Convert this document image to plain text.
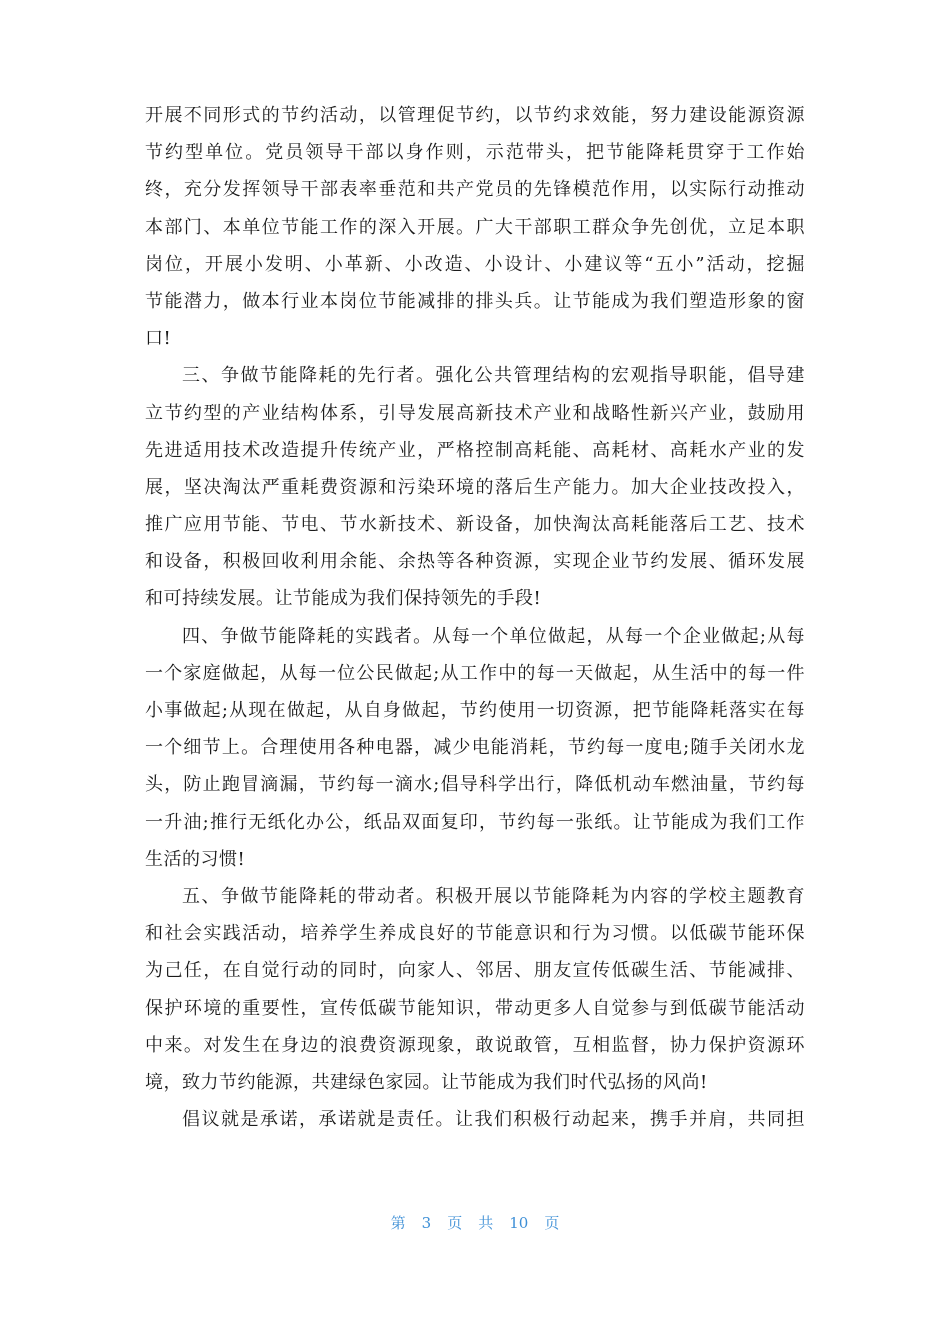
开展不同形式的节约活动，以管理促节约，以节约求效能，努力建设能源资源
节约型单位。党员领导干部以身作则，示范带头，把节能降耗贯穿于工作始
终，充分发挥领导干部表率垂范和共产党员的先锋模范作用，以实际行动推动
本部门、本单位节能工作的深入开展。广大干部职工群众争先创优，立足本职
岗位，开展小发明、小革新、小改造、小设计、小建议等“五小”活动，挖掘
节能潜力，做本行业本岗位节能减排的排头兵。让节能成为我们塑造形象的窗
口!
三、争做节能降耗的先行者。强化公共管理结构的宏观指导职能，倡导建
立节约型的产业结构体系，引导发展高新技术产业和战略性新兴产业，鼓励用
先进适用技术改造提升传统产业，严格控制高耗能、高耗材、高耗水产业的发
展，坚决淘汰严重耗费资源和污染环境的落后生产能力。加大企业技改投入，
推广应用节能、节电、节水新技术、新设备，加快淘汰高耗能落后工艺、技术
和设备，积极回收利用余能、余热等各种资源，实现企业节约发展、循环发展
和可持续发展。让节能成为我们保持领先的手段!
四、争做节能降耗的实践者。从每一个单位做起，从每一个企业做起;从每
一个家庭做起，从每一位公民做起;从工作中的每一天做起，从生活中的每一件
小事做起;从现在做起，从自身做起，节约使用一切资源，把节能降耗落实在每
一个细节上。合理使用各种电器，减少电能消耗，节约每一度电;随手关闭水龙
头，防止跑冒滴漏，节约每一滴水;倡导科学出行，降低机动车燃油量，节约每
一升油;推行无纸化办公，纸品双面复印，节约每一张纸。让节能成为我们工作
生活的习惯!
五、争做节能降耗的带动者。积极开展以节能降耗为内容的学校主题教育
和社会实践活动，培养学生养成良好的节能意识和行为习惯。以低碳节能环保
为己任，在自觉行动的同时，向家人、邻居、朋友宣传低碳生活、节能减排、
保护环境的重要性，宣传低碳节能知识，带动更多人自觉参与到低碳节能活动
中来。对发生在身边的浪费资源现象，敢说敢管，互相监督，协力保护资源环
境，致力节约能源，共建绿色家园。让节能成为我们时代弘扬的风尚!
倡议就是承诺，承诺就是责任。让我们积极行动起来，携手并肩，共同担
第 3 页 共 10 页
